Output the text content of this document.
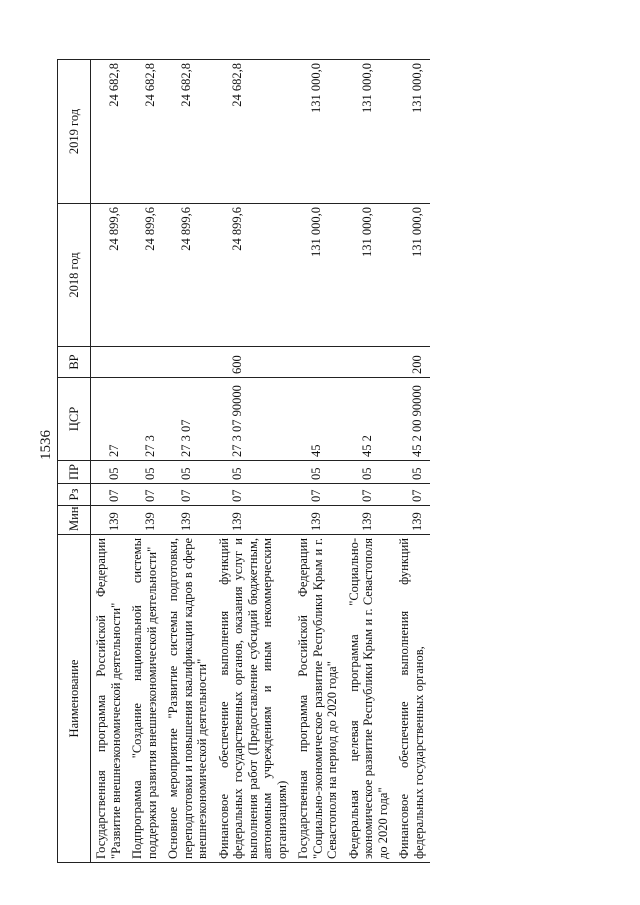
1536
Наименование	Мин	Рз	ПР	ЦСР	ВР	2018 год	2019 год
Государственная программа Российской Федерации "Развитие внешнеэкономической деятельности"	139	07	05	27		24 899,6	24 682,8
Подпрограмма "Создание национальной системы поддержки развития внешнеэкономической деятельности"	139	07	05	27 3		24 899,6	24 682,8
Основное мероприятие "Развитие системы подготовки, переподготовки и повышения квалификации кадров в сфере внешнеэкономической деятельности"	139	07	05	27 3 07		24 899,6	24 682,8
Финансовое обеспечение выполнения функций федеральных государственных органов, оказания услуг и выполнения работ (Предоставление субсидий бюджетным, автономным учреждениям и иным некоммерческим организациям)	139	07	05	27 3 07 90000	600	24 899,6	24 682,8
Государственная программа Российской Федерации "Социально-экономическое развитие Республики Крым и г. Севастополя на период до 2020 года"	139	07	05	45		131 000,0	131 000,0
Федеральная целевая программа "Социально-экономическое развитие Республики Крым и г. Севастополя до 2020 года"	139	07	05	45 2		131 000,0	131 000,0
Финансовое обеспечение выполнения функций федеральных государственных органов,	139	07	05	45 2 00 90000	200	131 000,0	131 000,0
